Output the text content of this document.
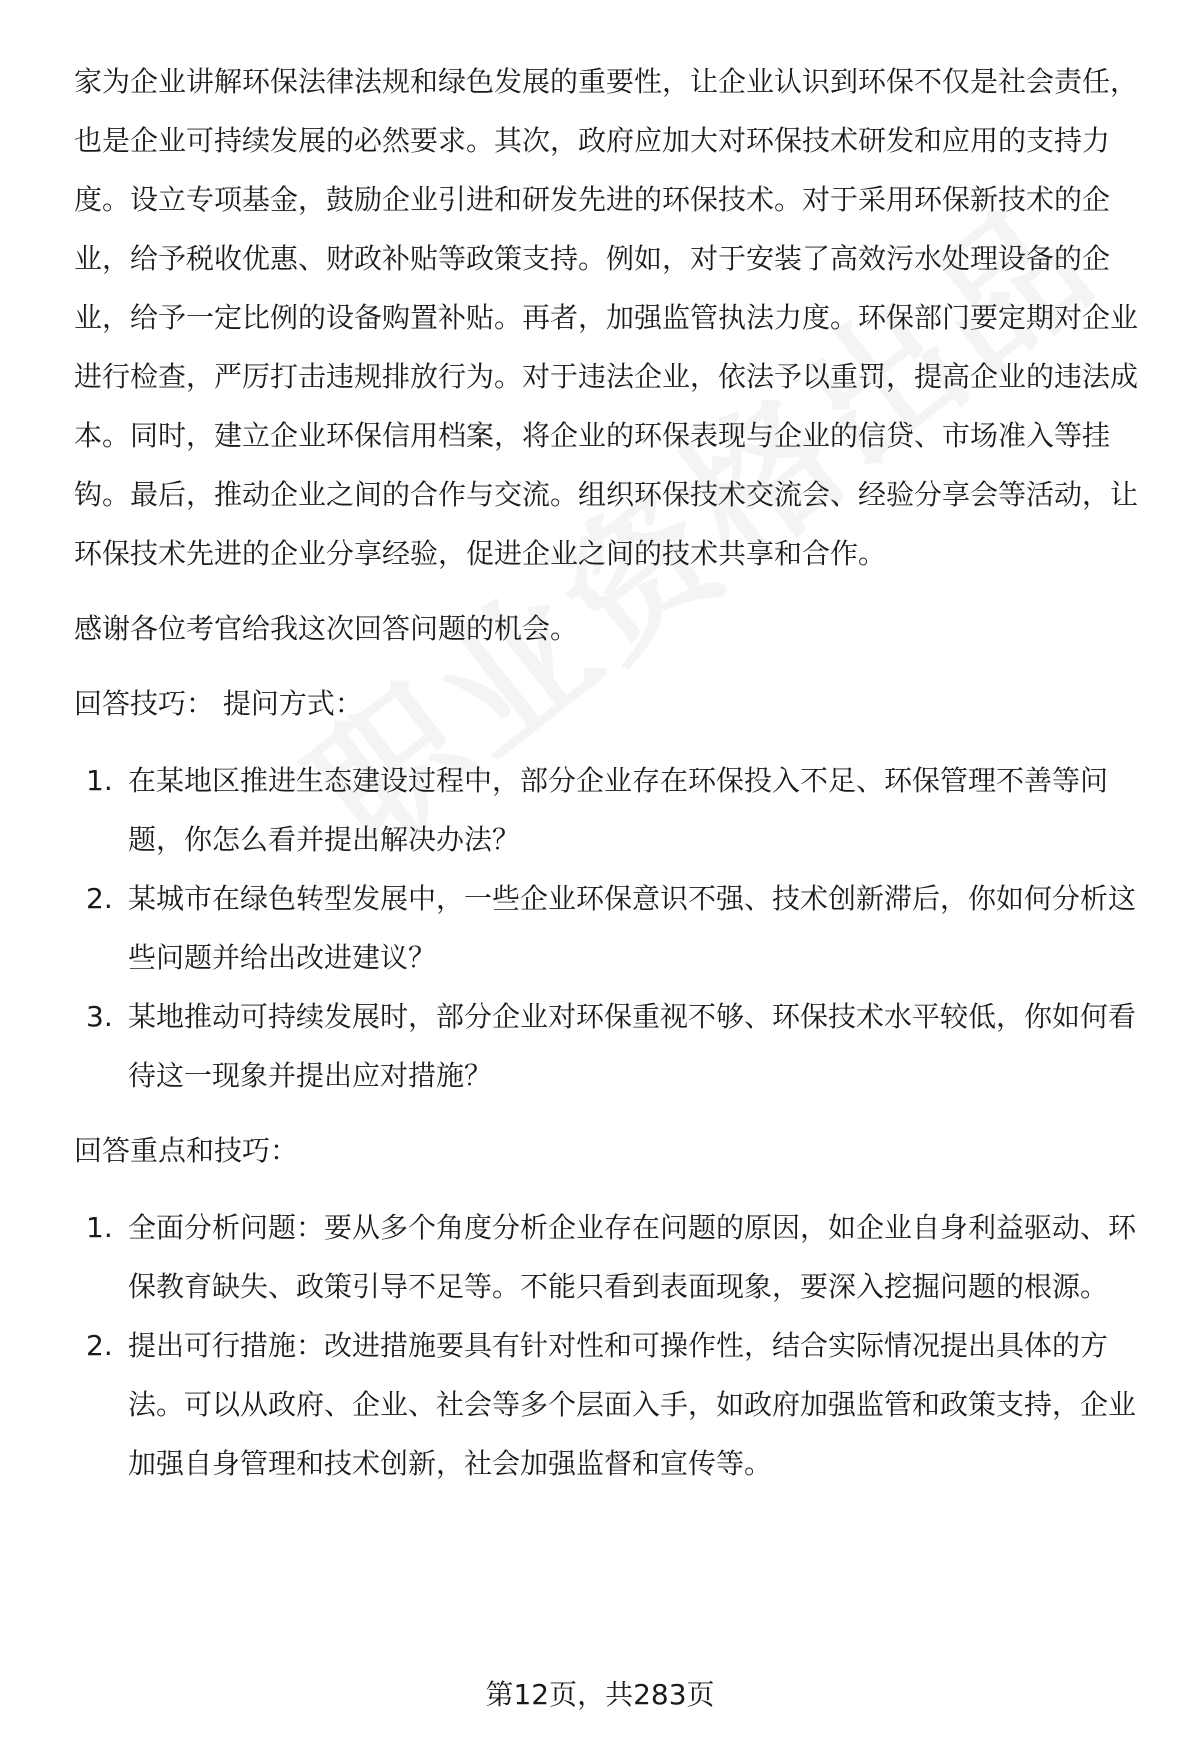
家为企业讲解环保法律法规和绿色发展的重要性，让企业认识到环保不仅是社会责任，也是企业可持续发展的必然要求。其次，政府应加大对环保技术研发和应用的支持力度。设立专项基金，鼓励企业引进和研发先进的环保技术。对于采用环保新技术的企业，给予税收优惠、财政补贴等政策支持。例如，对于安装了高效污水处理设备的企业，给予一定比例的设备购置补贴。再者，加强监管执法力度。环保部门要定期对企业进行检查，严厉打击违规排放行为。对于违法企业，依法予以重罚，提高企业的违法成本。同时，建立企业环保信用档案，将企业的环保表现与企业的信贷、市场准入等挂钩。最后，推动企业之间的合作与交流。组织环保技术交流会、经验分享会等活动，让环保技术先进的企业分享经验，促进企业之间的技术共享和合作。

感谢各位考官给我这次回答问题的机会。

回答技巧： 提问方式：

1. 在某地区推进生态建设过程中，部分企业存在环保投入不足、环保管理不善等问题，你怎么看并提出解决办法？
2. 某城市在绿色转型发展中，一些企业环保意识不强、技术创新滞后，你如何分析这些问题并给出改进建议？
3. 某地推动可持续发展时，部分企业对环保重视不够、环保技术水平较低，你如何看待这一现象并提出应对措施？

回答重点和技巧：

1. 全面分析问题：要从多个角度分析企业存在问题的原因，如企业自身利益驱动、环保教育缺失、政策引导不足等。不能只看到表面现象，要深入挖掘问题的根源。
2. 提出可行措施：改进措施要具有针对性和可操作性，结合实际情况提出具体的方法。可以从政府、企业、社会等多个层面入手，如政府加强监管和政策支持，企业加强自身管理和技术创新，社会加强监督和宣传等。
第12页，共283页
